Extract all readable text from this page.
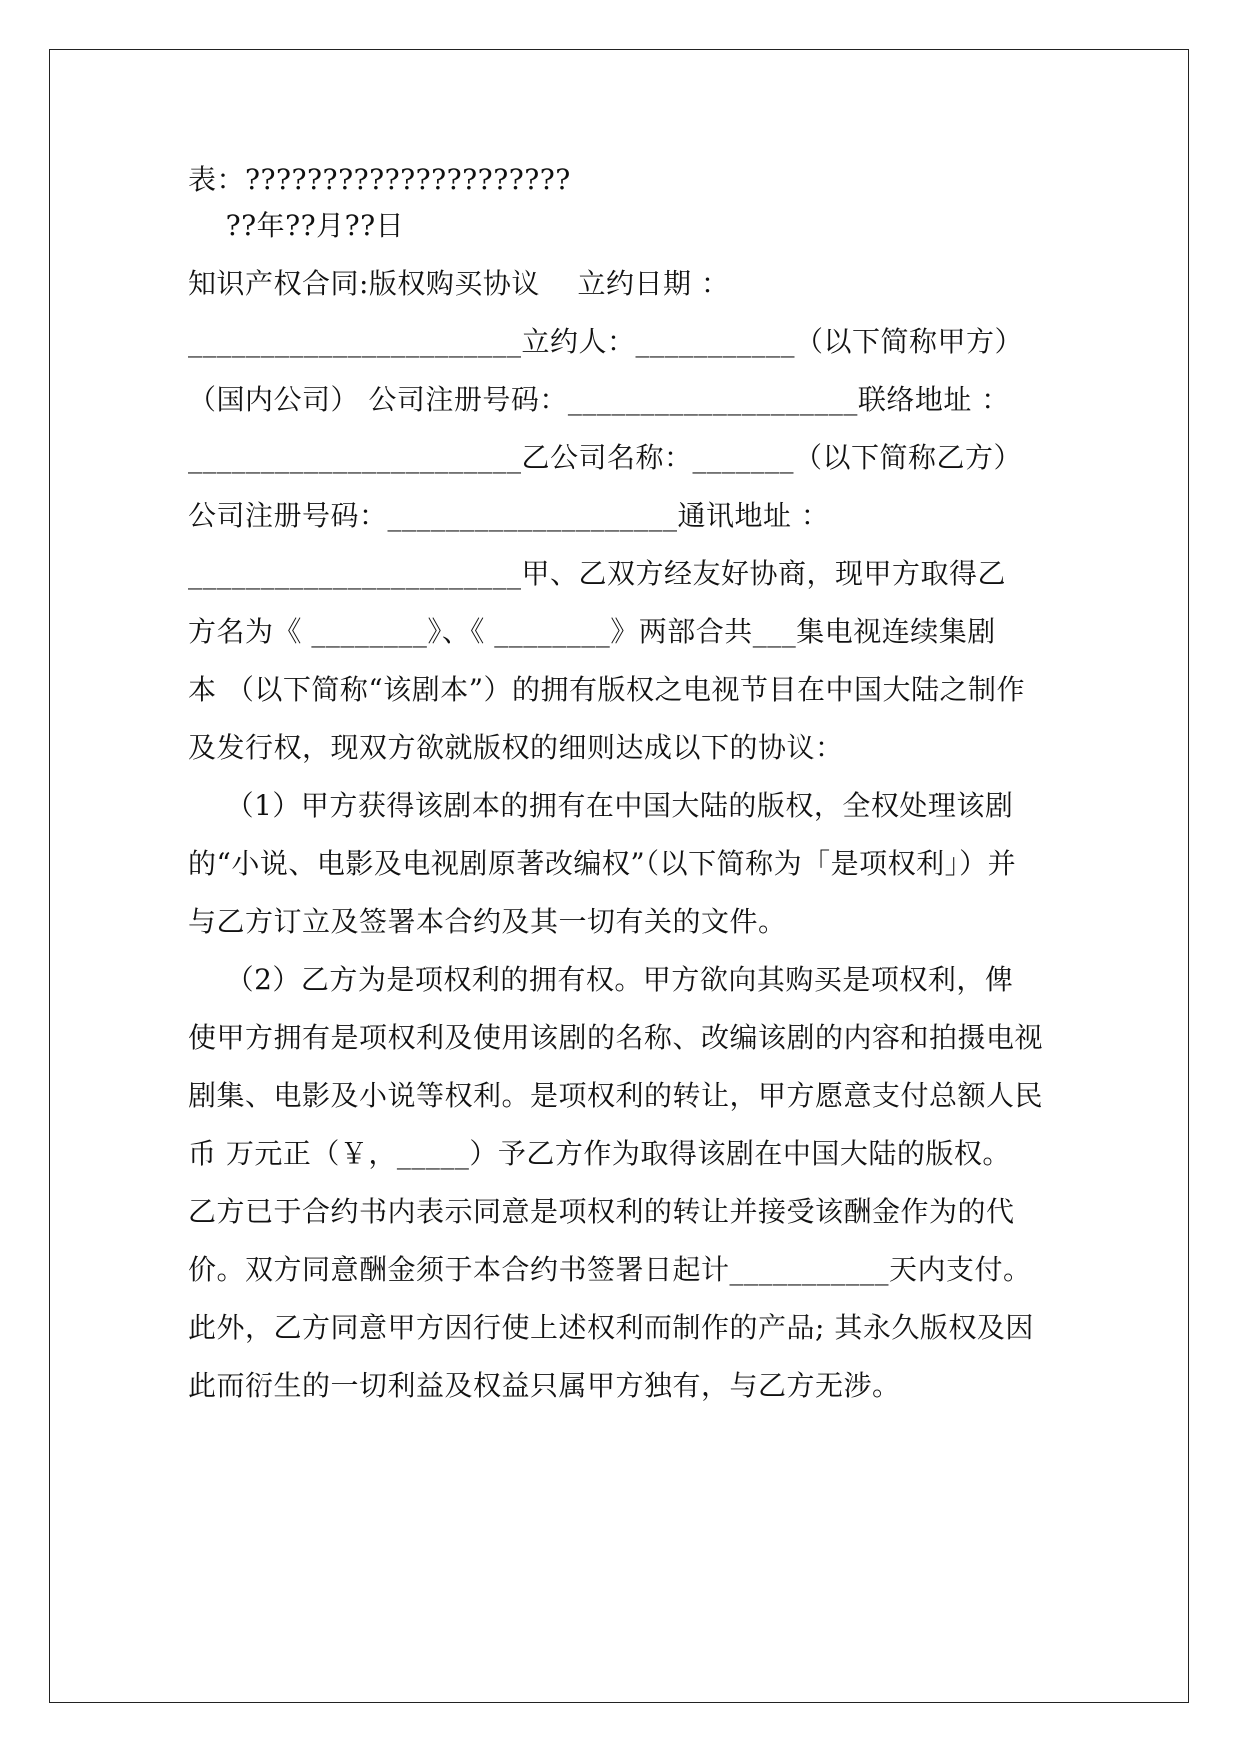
表：?????????????????????
??年??月??日
知识产权合同:版权购买协议    立约日期 ：
_______________________立约人：___________（以下简称甲方）
（国内公司） 公司注册号码：____________________联络地址 ：
_______________________乙公司名称：_______（以下简称乙方）
公司注册号码：____________________通讯地址 ：
_______________________甲、乙双方经友好协商，现甲方取得乙
方名为《 ________》、《 ________》两部合共___集电视连续集剧
本 （以下简称“该剧本”）的拥有版权之电视节目在中国大陆之制作
及发行权，现双方欲就版权的细则达成以下的协议：
（1）甲方获得该剧本的拥有在中国大陆的版权，全权处理该剧
的“小说、电影及电视剧原著改编权”（以下简称为「是项权利」）并
与乙方订立及签署本合约及其一切有关的文件。
（2）乙方为是项权利的拥有权。甲方欲向其购买是项权利，俾
使甲方拥有是项权利及使用该剧的名称、改编该剧的内容和拍摄电视
剧集、电影及小说等权利。是项权利的转让，甲方愿意支付总额人民
币 万元正（￥，_____）予乙方作为取得该剧在中国大陆的版权。
乙方已于合约书内表示同意是项权利的转让并接受该酬金作为的代
价。双方同意酬金须于本合约书签署日起计___________天内支付。
此外，乙方同意甲方因行使上述权利而制作的产品; 其永久版权及因
此而衍生的一切利益及权益只属甲方独有，与乙方无涉。
